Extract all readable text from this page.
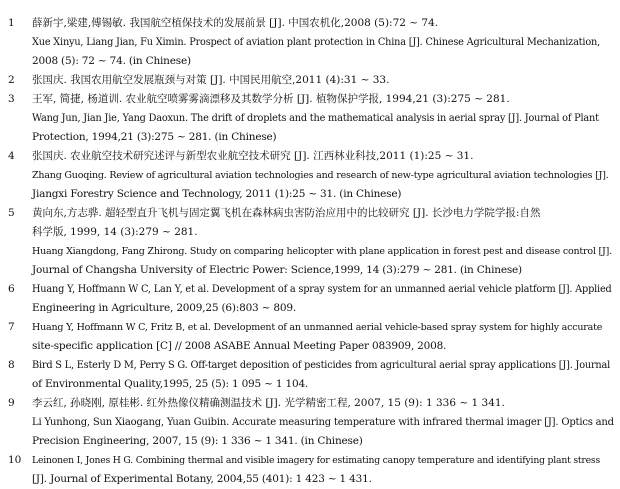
1 薛新宇,梁建,傅锡敏. 我国航空植保技术的发展前景 [J]. 中国农机化,2008 (5):72 ~ 74.
Xue Xinyu, Liang Jian, Fu Ximin. Prospect of aviation plant protection in China [J]. Chinese Agricultural Mechanization,
2008 (5): 72 ~ 74. (in Chinese)
2 张国庆. 我国农用航空发展瓶颈与对策 [J]. 中国民用航空,2011 (4):31 ~ 33.
3 王军, 简捷, 杨道训. 农业航空喷雾雾滴漂移及其数学分析 [J]. 植物保护学报, 1994,21 (3):275 ~ 281.
Wang Jun, Jian Jie, Yang Daoxun. The drift of droplets and the mathematical analysis in aerial spray [J]. Journal of Plant
Protection, 1994,21 (3):275 ~ 281. (in Chinese)
4 张国庆. 农业航空技术研究述评与新型农业航空技术研究 [J]. 江西林业科技,2011 (1):25 ~ 31.
Zhang Guoqing. Review of agricultural aviation technologies and research of new-type agricultural aviation technologies [J].
Jiangxi Forestry Science and Technology, 2011 (1):25 ~ 31. (in Chinese)
5 黄向东,方志骅. 超轻型直升飞机与固定翼飞机在森林病虫害防治应用中的比较研究 [J]. 长沙电力学院学报:自然
科学版, 1999, 14 (3):279 ~ 281.
Huang Xiangdong, Fang Zhirong. Study on comparing helicopter with plane application in forest pest and disease control [J].
Journal of Changsha University of Electric Power: Science,1999, 14 (3):279 ~ 281. (in Chinese)
6 Huang Y, Hoffmann W C, Lan Y, et al. Development of a spray system for an unmanned aerial vehicle platform [J]. Applied
Engineering in Agriculture, 2009,25 (6):803 ~ 809.
7 Huang Y, Hoffmann W C, Fritz B, et al. Development of an unmanned aerial vehicle-based spray system for highly accurate
site-specific application [C] // 2008 ASABE Annual Meeting Paper 083909, 2008.
8 Bird S L, Esterly D M, Perry S G. Off-target deposition of pesticides from agricultural aerial spray applications [J]. Journal
of Environmental Quality,1995, 25 (5): 1 095 ~ 1 104.
9 李云红, 孙晓刚, 原桂彬. 红外热像仪精确测温技术 [J]. 光学精密工程, 2007, 15 (9): 1 336 ~ 1 341.
Li Yunhong, Sun Xiaogang, Yuan Guibin. Accurate measuring temperature with infrared thermal imager [J]. Optics and
Precision Engineering, 2007, 15 (9): 1 336 ~ 1 341. (in Chinese)
10 Leinonen I, Jones H G. Combining thermal and visible imagery for estimating canopy temperature and identifying plant stress
[J]. Journal of Experimental Botany, 2004,55 (401): 1 423 ~ 1 431.
